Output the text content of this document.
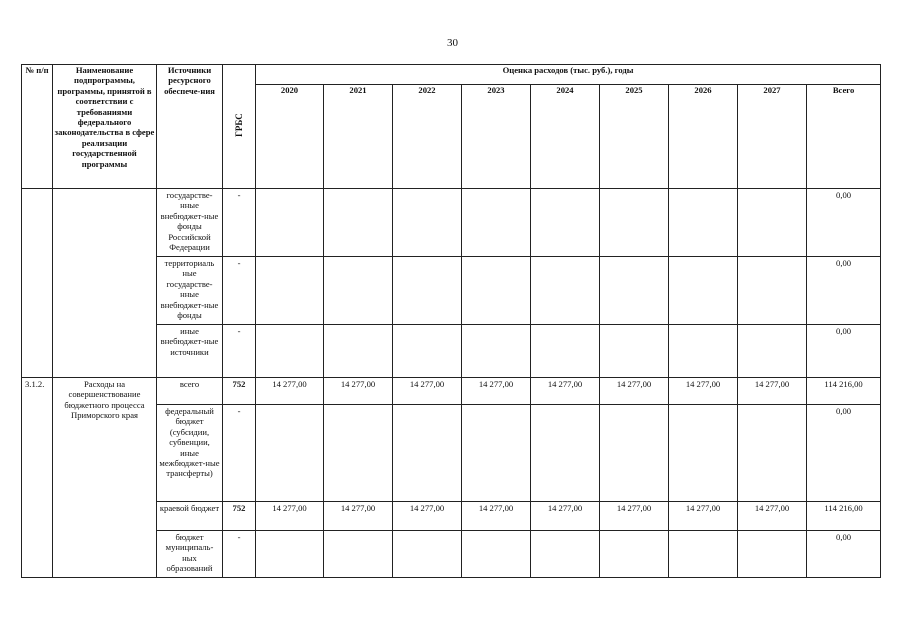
30
№ п/п	Наименование подпрограммы, программы, принятой в соответствии с требованиями федерального законодательства в сфере реализации государственной программы	Источники ресурсного обеспече-ния	ГРБС	Оценка расходов (тыс. руб.), годы								
				2020	2021	2022	2023	2024	2025	2026	2027	Всего
		государстве-нные внебюджет-ные фонды Российской Федерации	-									0,00
		территориаль ные государстве-нные внебюджет-ные фонды	-									0,00
		иные внебюджет-ные источники	-									0,00
3.1.2.	Расходы на совершенствование бюджетного процесса Приморского края	всего	752	14 277,00	14 277,00	14 277,00	14 277,00	14 277,00	14 277,00	14 277,00	14 277,00	114 216,00
		федеральный бюджет (субсидии, субвенции, иные межбюджет-ные трансферты)	-									0,00
		краевой бюджет	752	14 277,00	14 277,00	14 277,00	14 277,00	14 277,00	14 277,00	14 277,00	14 277,00	114 216,00
		бюджет муниципаль-ных образований	-									0,00
